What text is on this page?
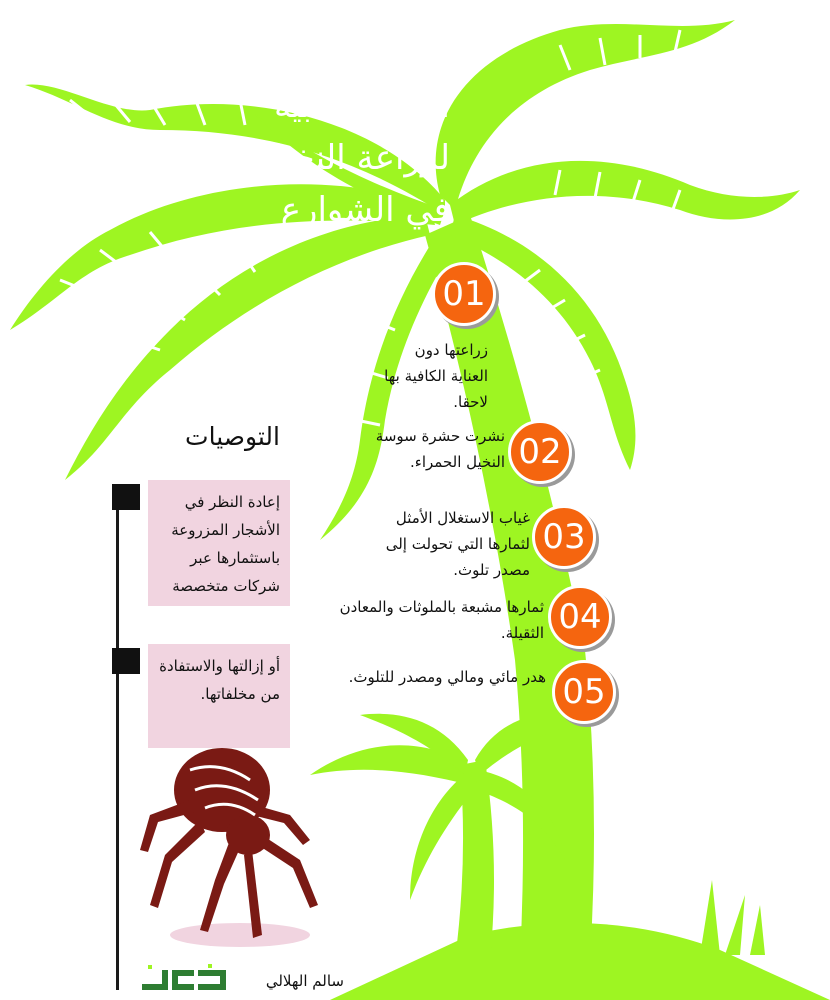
الآثار السلبية
لزراعة النخيل
في الشوارع
01
زراعتها دون العناية الكافية بها لاحقا.
02
نشرت حشرة سوسة النخيل الحمراء.
03
غياب الاستغلال الأمثل لثمارها التي تحولت إلى مصدر تلوث.
04
ثمارها مشبعة بالملوثات والمعادن الثقيلة.
05
هدر مائي ومالي ومصدر للتلوث.
التوصيات
إعادة النظر في الأشجار المزروعة باستثمارها عبر شركات متخصصة
أو إزالتها والاستفادة من مخلفاتها.
سالم الهلالي
